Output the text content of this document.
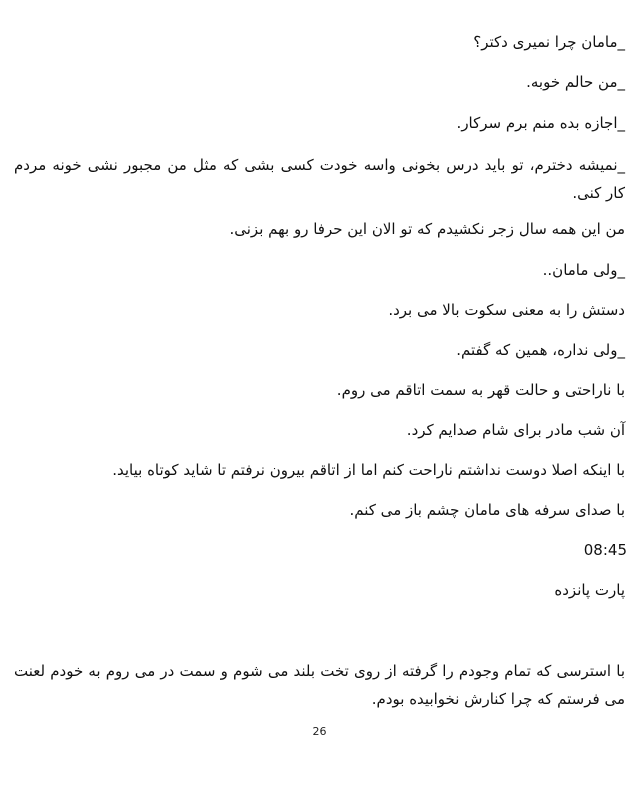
_مامان چرا نمیری دکتر؟
_من حالم خوبه.
_اجازه بده منم برم سرکار.
_نمیشه دخترم، تو باید درس بخونی واسه خودت کسی بشی که مثل من مجبور نشی خونه مردم کار کنی.
من این همه سال زجر نکشیدم که تو الان این حرفا رو بهم بزنی.
_ولی مامان..
دستش را به معنی سکوت بالا می برد.
_ولی نداره، همین که گفتم.
با ناراحتی و حالت قهر به سمت اتاقم می روم.
آن شب مادر برای شام صدایم کرد.
با اینکه اصلا دوست نداشتم ناراحت کنم اما از اتاقم بیرون نرفتم تا شاید کوتاه بیاید.
با صدای سرفه های مامان چشم باز می کنم.
08:45
پارت پانزده
با استرسی که تمام وجودم را گرفته از روی تخت بلند می شوم و سمت در می روم به خودم لعنت می فرستم که چرا کنارش نخوابیده بودم.
26
